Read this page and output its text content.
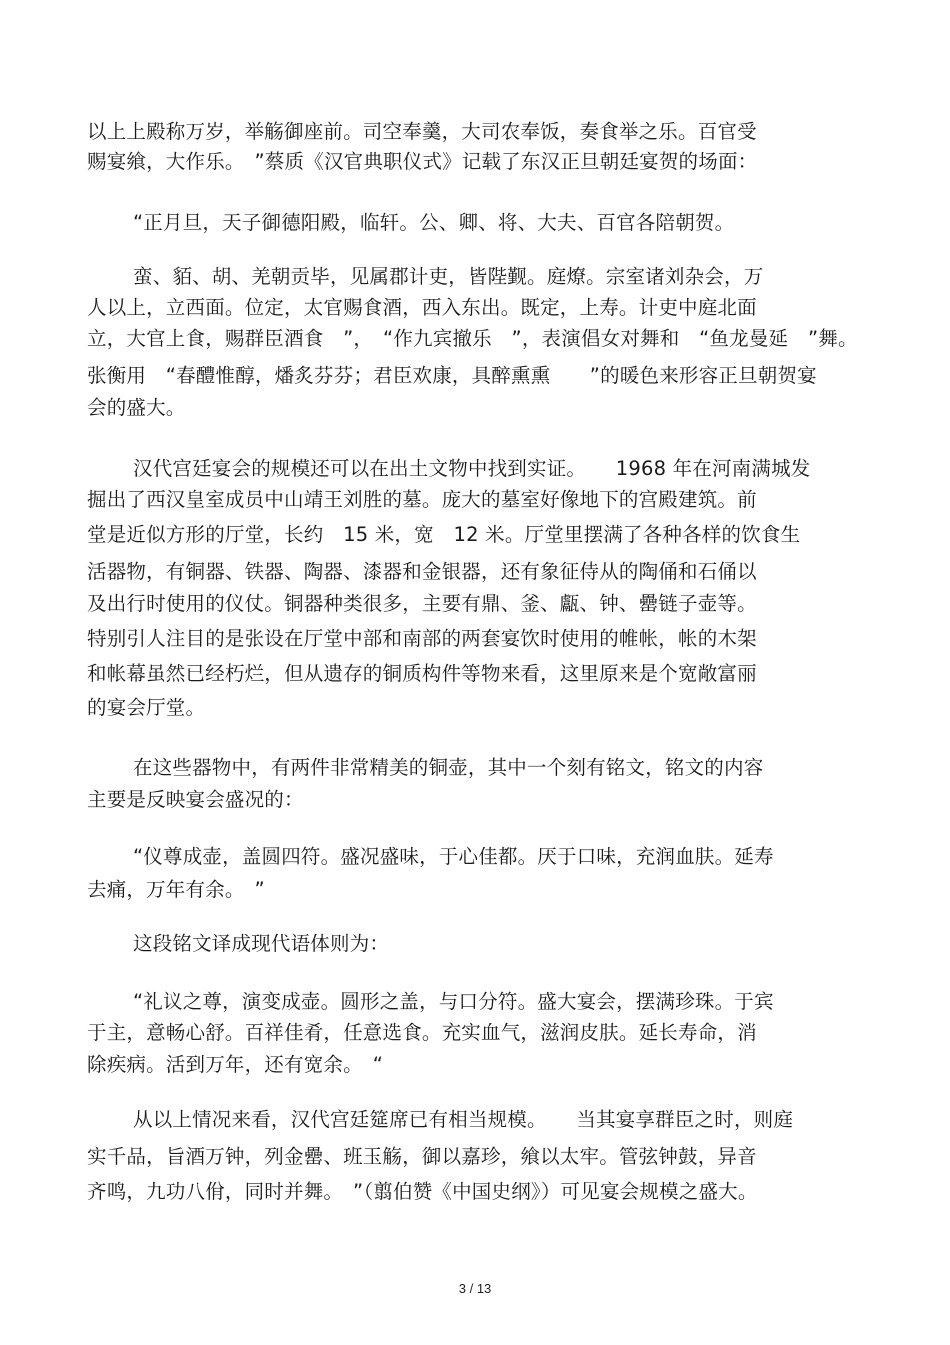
以上上殿称万岁，举觞御座前。司空奉羹，大司农奉饭，奏食举之乐。百官受
赐宴飨，大作乐。　”蔡质《汉官典职仪式》记载了东汉正旦朝廷宴贺的场面：
“正月旦，天子御德阳殿，临轩。公、卿、将、大夫、百官各陪朝贺。
蛮、貊、胡、羌朝贡毕，见属郡计吏，皆陛觐。庭燎。宗室诸刘杂会，万
人以上，立西面。位定，太官赐食酒，西入东出。既定，上寿。计吏中庭北面
立，大官上食，赐群臣酒食　”，　“作九宾撤乐　”，表演倡女对舞和　“鱼龙曼延　”舞。
张衡用　“春醴惟醇，燔炙芬芬；君臣欢康，具醉熏熏　　”的暖色来形容正旦朝贺宴
会的盛大。
汉代宫廷宴会的规模还可以在出土文物中找到实证。　　1968 年在河南满城发
掘出了西汉皇室成员中山靖王刘胜的墓。庞大的墓室好像地下的宫殿建筑。前
堂是近似方形的厅堂，长约　15 米，宽　12 米。厅堂里摆满了各种各样的饮食生
活器物，有铜器、铁器、陶器、漆器和金银器，还有象征侍从的陶俑和石俑以
及出行时使用的仪仗。铜器种类很多，主要有鼎、釜、甗、钟、罍链子壶等。
特别引人注目的是张设在厅堂中部和南部的两套宴饮时使用的帷帐，帐的木架
和帐幕虽然已经朽烂，但从遗存的铜质构件等物来看，这里原来是个宽敞富丽
的宴会厅堂。
在这些器物中，有两件非常精美的铜壶，其中一个刻有铭文，铭文的内容
主要是反映宴会盛况的：
“仪尊成壶，盖圆四符。盛况盛味，于心佳都。厌于口味，充润血肤。延寿
去痛，万年有余。　”
这段铭文译成现代语体则为：
“礼议之尊，演变成壶。圆形之盖，与口分符。盛大宴会，摆满珍珠。于宾
于主，意畅心舒。百祥佳肴，任意选食。充实血气，滋润皮肤。延长寿命，消
除疾病。活到万年，还有宽余。　“
从以上情况来看，汉代宫廷筵席已有相当规模。　　当其宴享群臣之时，则庭
实千品，旨酒万钟，列金罍、班玉觞，御以嘉珍，飨以太牢。管弦钟鼓，异音
齐鸣，九功八佾，同时并舞。　”（翦伯赞《中国史纲》）可见宴会规模之盛大。
3 / 13
